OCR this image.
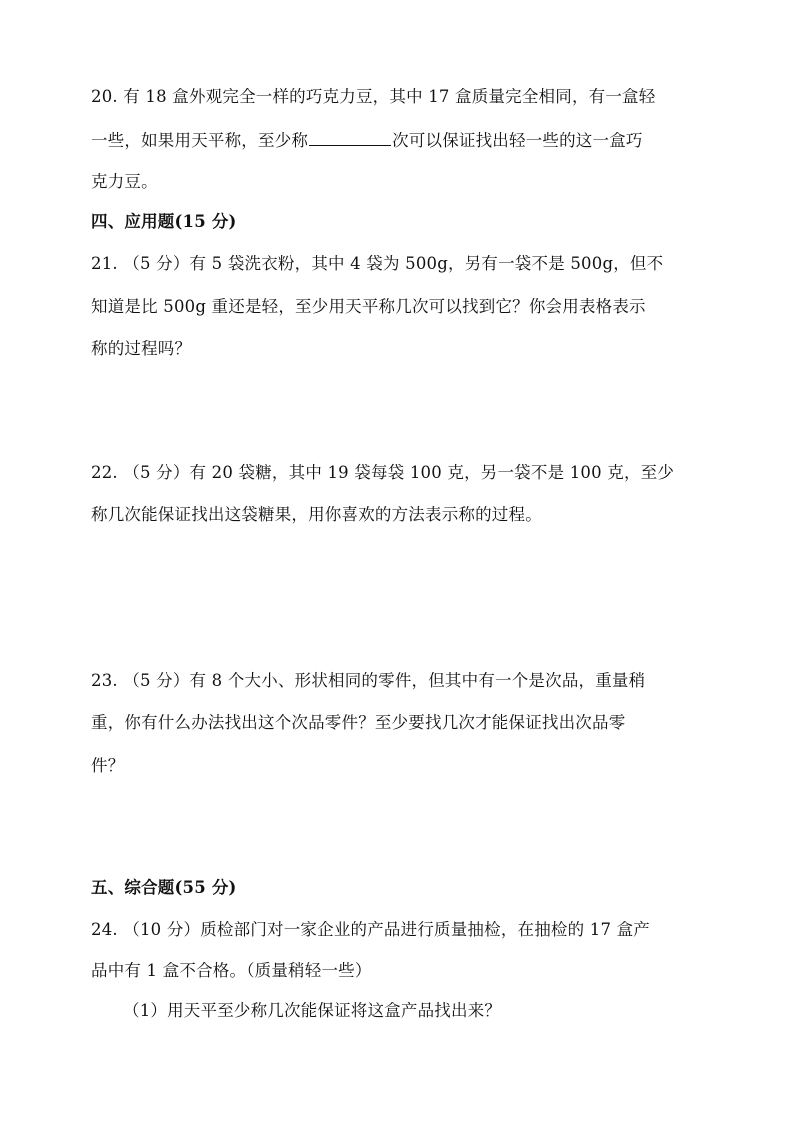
20. 有 18 盒外观完全一样的巧克力豆，其中 17 盒质量完全相同，有一盒轻
一些，如果用天平称，至少称	次可以保证找出轻一些的这一盒巧
克力豆。
四、应用题(15 分)
21. （5 分）有 5 袋洗衣粉，其中 4 袋为 500g，另有一袋不是 500g，但不
知道是比 500g 重还是轻，至少用天平称几次可以找到它？你会用表格表示
称的过程吗？
22. （5 分）有 20 袋糖，其中 19 袋每袋 100 克，另一袋不是 100 克，至少
称几次能保证找出这袋糖果，用你喜欢的方法表示称的过程。
23. （5 分）有 8 个大小、形状相同的零件，但其中有一个是次品，重量稍
重，你有什么办法找出这个次品零件？至少要找几次才能保证找出次品零
件？
五、综合题(55 分)
24. （10 分）质检部门对一家企业的产品进行质量抽检，在抽检的 17 盒产
品中有 1 盒不合格。（质量稍轻一些）
（1）用天平至少称几次能保证将这盒产品找出来？
